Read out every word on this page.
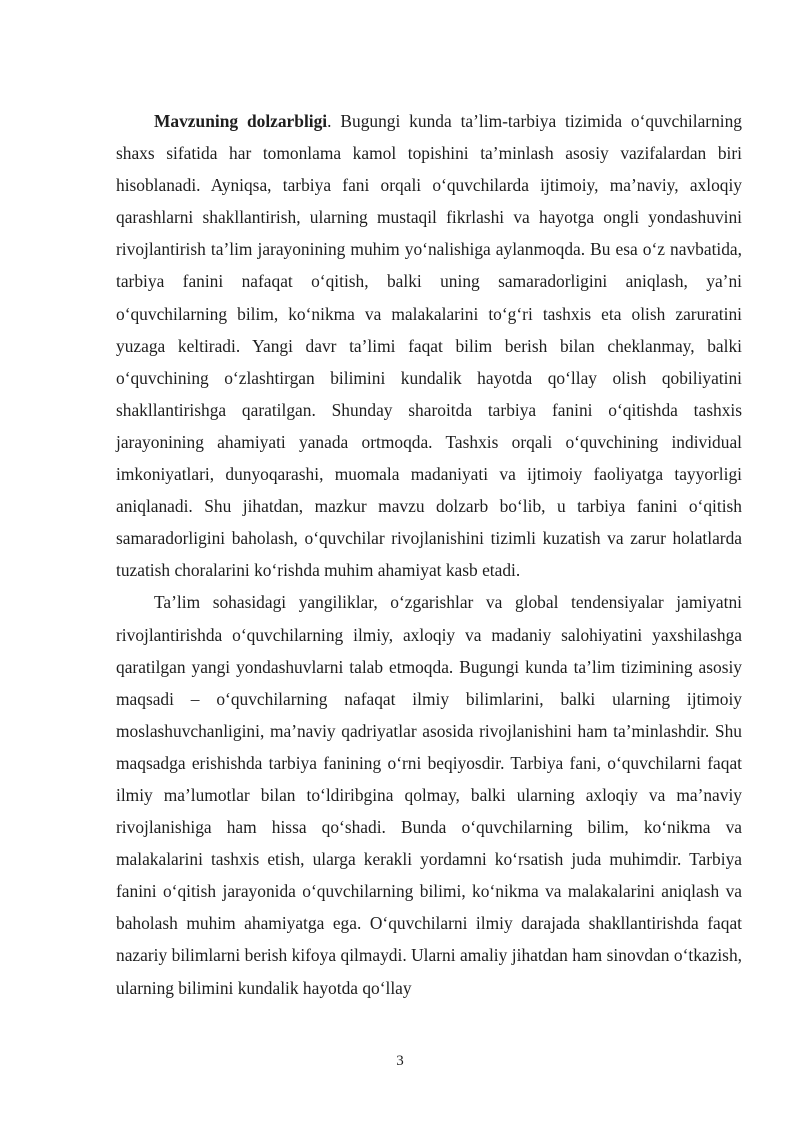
Mavzuning dolzarbligi. Bugungi kunda ta’lim-tarbiya tizimida o‘quvchilarning shaxs sifatida har tomonlama kamol topishini ta’minlash asosiy vazifalardan biri hisoblanadi. Ayniqsa, tarbiya fani orqali o‘quvchilarda ijtimoiy, ma’naviy, axloqiy qarashlarni shakllantirish, ularning mustaqil fikrlashi va hayotga ongli yondashuvini rivojlantirish ta’lim jarayonining muhim yo‘nalishiga aylanmoqda. Bu esa o‘z navbatida, tarbiya fanini nafaqat o‘qitish, balki uning samaradorligini aniqlash, ya’ni o‘quvchilarning bilim, ko‘nikma va malakalarini to‘g‘ri tashxis eta olish zaruratini yuzaga keltiradi. Yangi davr ta’limi faqat bilim berish bilan cheklanmay, balki o‘quvchining o‘zlashtirgan bilimini kundalik hayotda qo‘llay olish qobiliyatini shakllantirishga qaratilgan. Shunday sharoitda tarbiya fanini o‘qitishda tashxis jarayonining ahamiyati yanada ortmoqda. Tashxis orqali o‘quvchining individual imkoniyatlari, dunyoqarashi, muomala madaniyati va ijtimoiy faoliyatga tayyorligi aniqlanadi. Shu jihatdan, mazkur mavzu dolzarb bo‘lib, u tarbiya fanini o‘qitish samaradorligini baholash, o‘quvchilar rivojlanishini tizimli kuzatish va zarur holatlarda tuzatish choralarini ko‘rishda muhim ahamiyat kasb etadi.

Ta’lim sohasidagi yangiliklar, o‘zgarishlar va global tendensiyalar jamiyatni rivojlantirishda o‘quvchilarning ilmiy, axloqiy va madaniy salohiyatini yaxshilashga qaratilgan yangi yondashuvlarni talab etmoqda. Bugungi kunda ta’lim tizimining asosiy maqsadi – o‘quvchilarning nafaqat ilmiy bilimlarini, balki ularning ijtimoiy moslashuvchanligini, ma’naviy qadriyatlar asosida rivojlanishini ham ta’minlashdir. Shu maqsadga erishishda tarbiya fanining o‘rni beqiyosdir. Tarbiya fani, o‘quvchilarni faqat ilmiy ma’lumotlar bilan to‘ldiribgina qolmay, balki ularning axloqiy va ma’naviy rivojlanishiga ham hissa qo‘shadi. Bunda o‘quvchilarning bilim, ko‘nikma va malakalarini tashxis etish, ularga kerakli yordamni ko‘rsatish juda muhimdir. Tarbiya fanini o‘qitish jarayonida o‘quvchilarning bilimi, ko‘nikma va malakalarini aniqlash va baholash muhim ahamiyatga ega. O‘quvchilarni ilmiy darajada shakllantirishda faqat nazariy bilimlarni berish kifoya qilmaydi. Ularni amaliy jihatdan ham sinovdan o‘tkazish, ularning bilimini kundalik hayotda qo‘llay

3
